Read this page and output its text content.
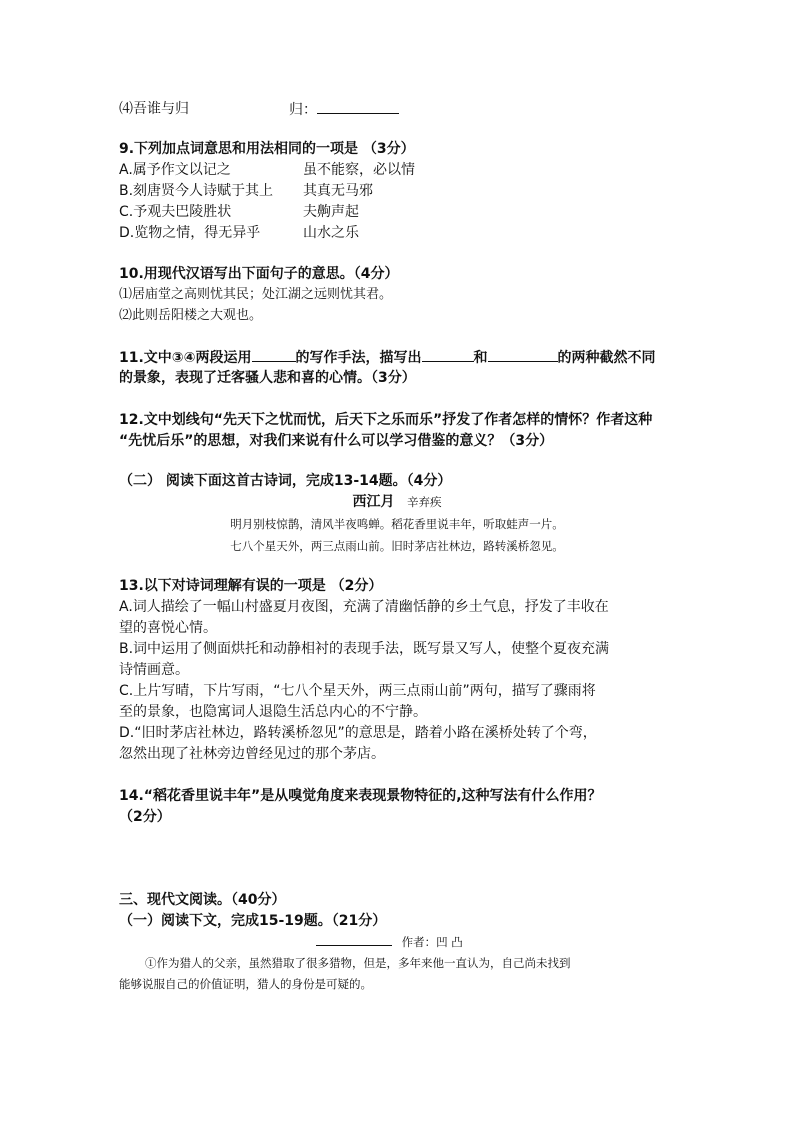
⑷吾谁与归	归：
9.下列加点词意思和用法相同的一项是 （3分）
A.属予作文以记之	虽不能察，必以情
B.刻唐贤今人诗赋于其上 其真无马邪
C.予观夫巴陵胜状	夫齁声起
D.览物之情，得无异乎	山水之乐
10.用现代汉语写出下面句子的意思。（4分）
⑴居庙堂之高则忧其民；处江湖之远则忧其君。
⑵此则岳阳楼之大观也。
11.文中③④两段运用	的写作手法，描写出	和	的两种截然不同
的景象，表现了迁客骚人悲和喜的心情。（3分）
12.文中划线句“先天下之忧而忧，后天下之乐而乐”抒发了作者怎样的情怀？作者这种
“先忧后乐”的思想，对我们来说有什么可以学习借鉴的意义？（3分）
（二） 阅读下面这首古诗词，完成13-14题。（4分）
西江月 辛弃疾
明月别枝惊鹊，清风半夜鸣蝉。稻花香里说丰年，听取蛙声一片。
七八个星天外，两三点雨山前。旧时茅店社林边，路转溪桥忽见。
13.以下对诗词理解有误的一项是 （2分）
A.词人描绘了一幅山村盛夏月夜图，充满了清幽恬静的乡土气息，抒发了丰收在
望的喜悦心情。
B.词中运用了侧面烘托和动静相衬的表现手法，既写景又写人，使整个夏夜充满
诗情画意。
C.上片写晴，下片写雨，“七八个星天外，两三点雨山前”两句，描写了骤雨将
至的景象，也隐寓词人退隐生活总内心的不宁静。
D.“旧时茅店社林边，路转溪桥忽见”的意思是，踏着小路在溪桥处转了个弯，
忽然出现了社林旁边曾经见过的那个茅店。
14.“稻花香里说丰年”是从嗅觉角度来表现景物特征的,这种写法有什么作用？
（2分）
三、现代文阅读。（40分）
（一）阅读下文，完成15-19题。（21分）
作者：凹 凸
①作为猎人的父亲，虽然猎取了很多猎物，但是，多年来他一直认为，自己尚未找到
能够说服自己的价值证明，猎人的身份是可疑的。
